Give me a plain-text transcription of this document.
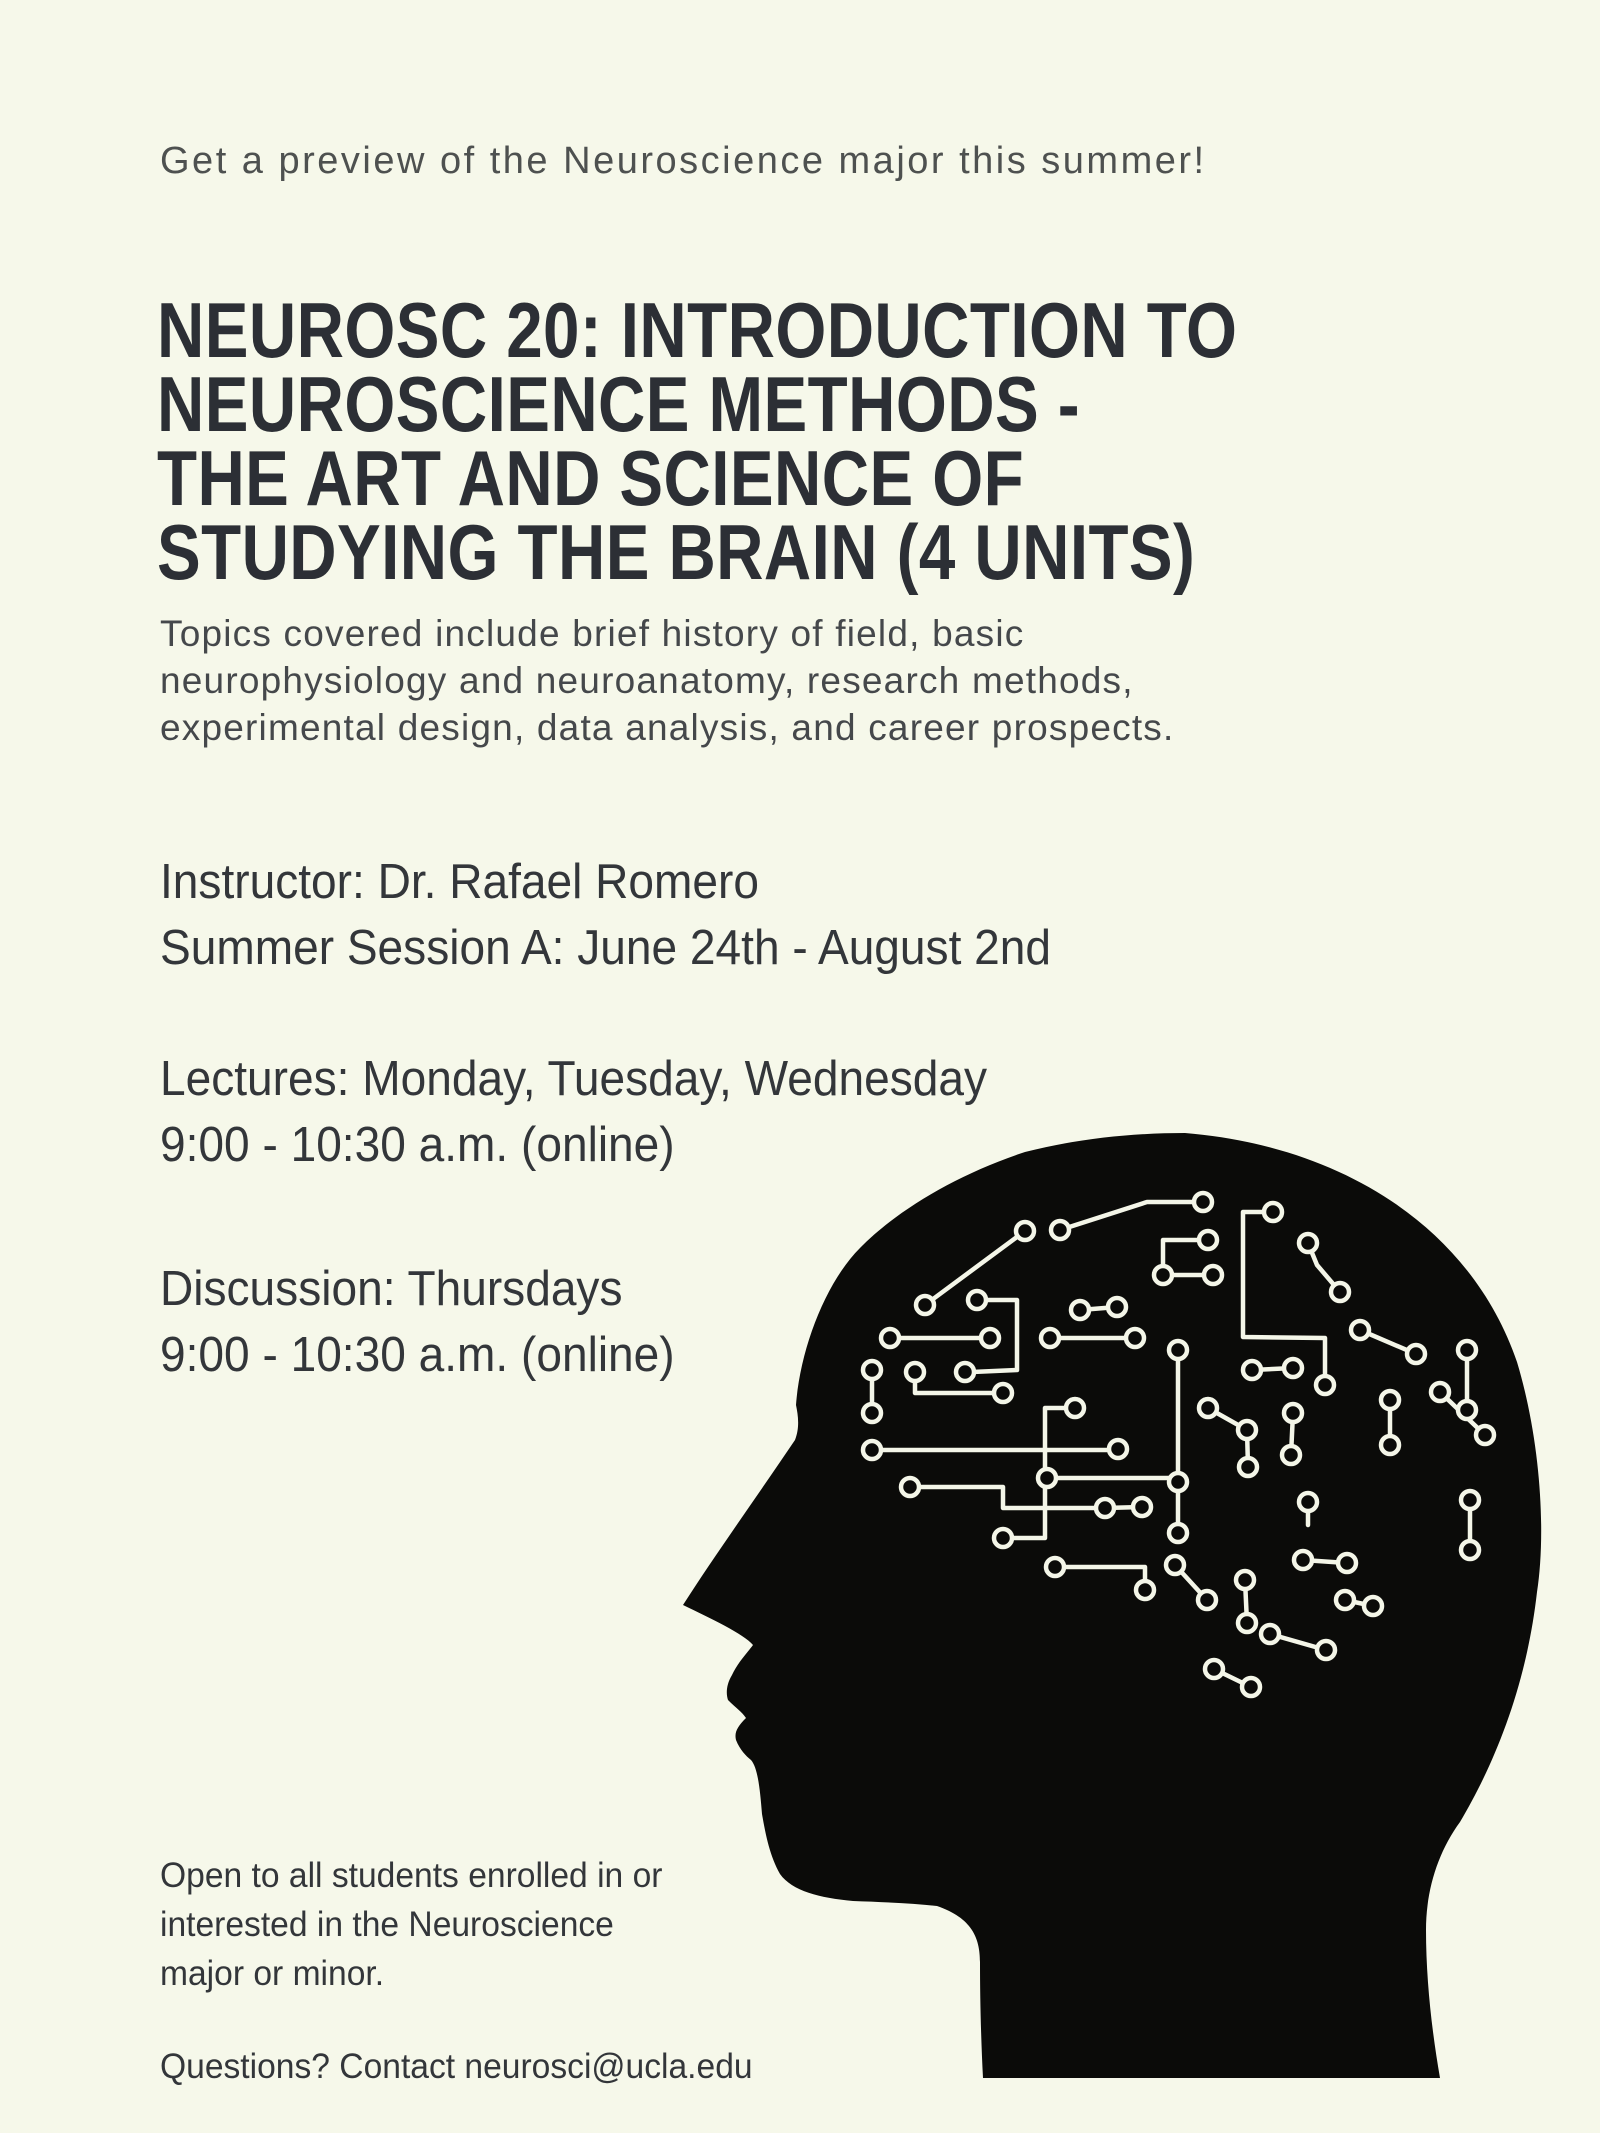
Get a preview of the Neuroscience major this summer!
NEUROSC 20: INTRODUCTION TO
NEUROSCIENCE METHODS -
THE ART AND SCIENCE OF
STUDYING THE BRAIN (4 UNITS)
Topics covered include brief history of field, basic
neurophysiology and neuroanatomy, research methods,
experimental design, data analysis, and career prospects.
Instructor: Dr. Rafael Romero
Summer Session A: June 24th - August 2nd
Lectures: Monday, Tuesday, Wednesday
9:00 - 10:30 a.m. (online)
Discussion: Thursdays
9:00 - 10:30 a.m. (online)
Open to all students enrolled in or
interested in the Neuroscience
major or minor.
Questions? Contact neurosci@ucla.edu
